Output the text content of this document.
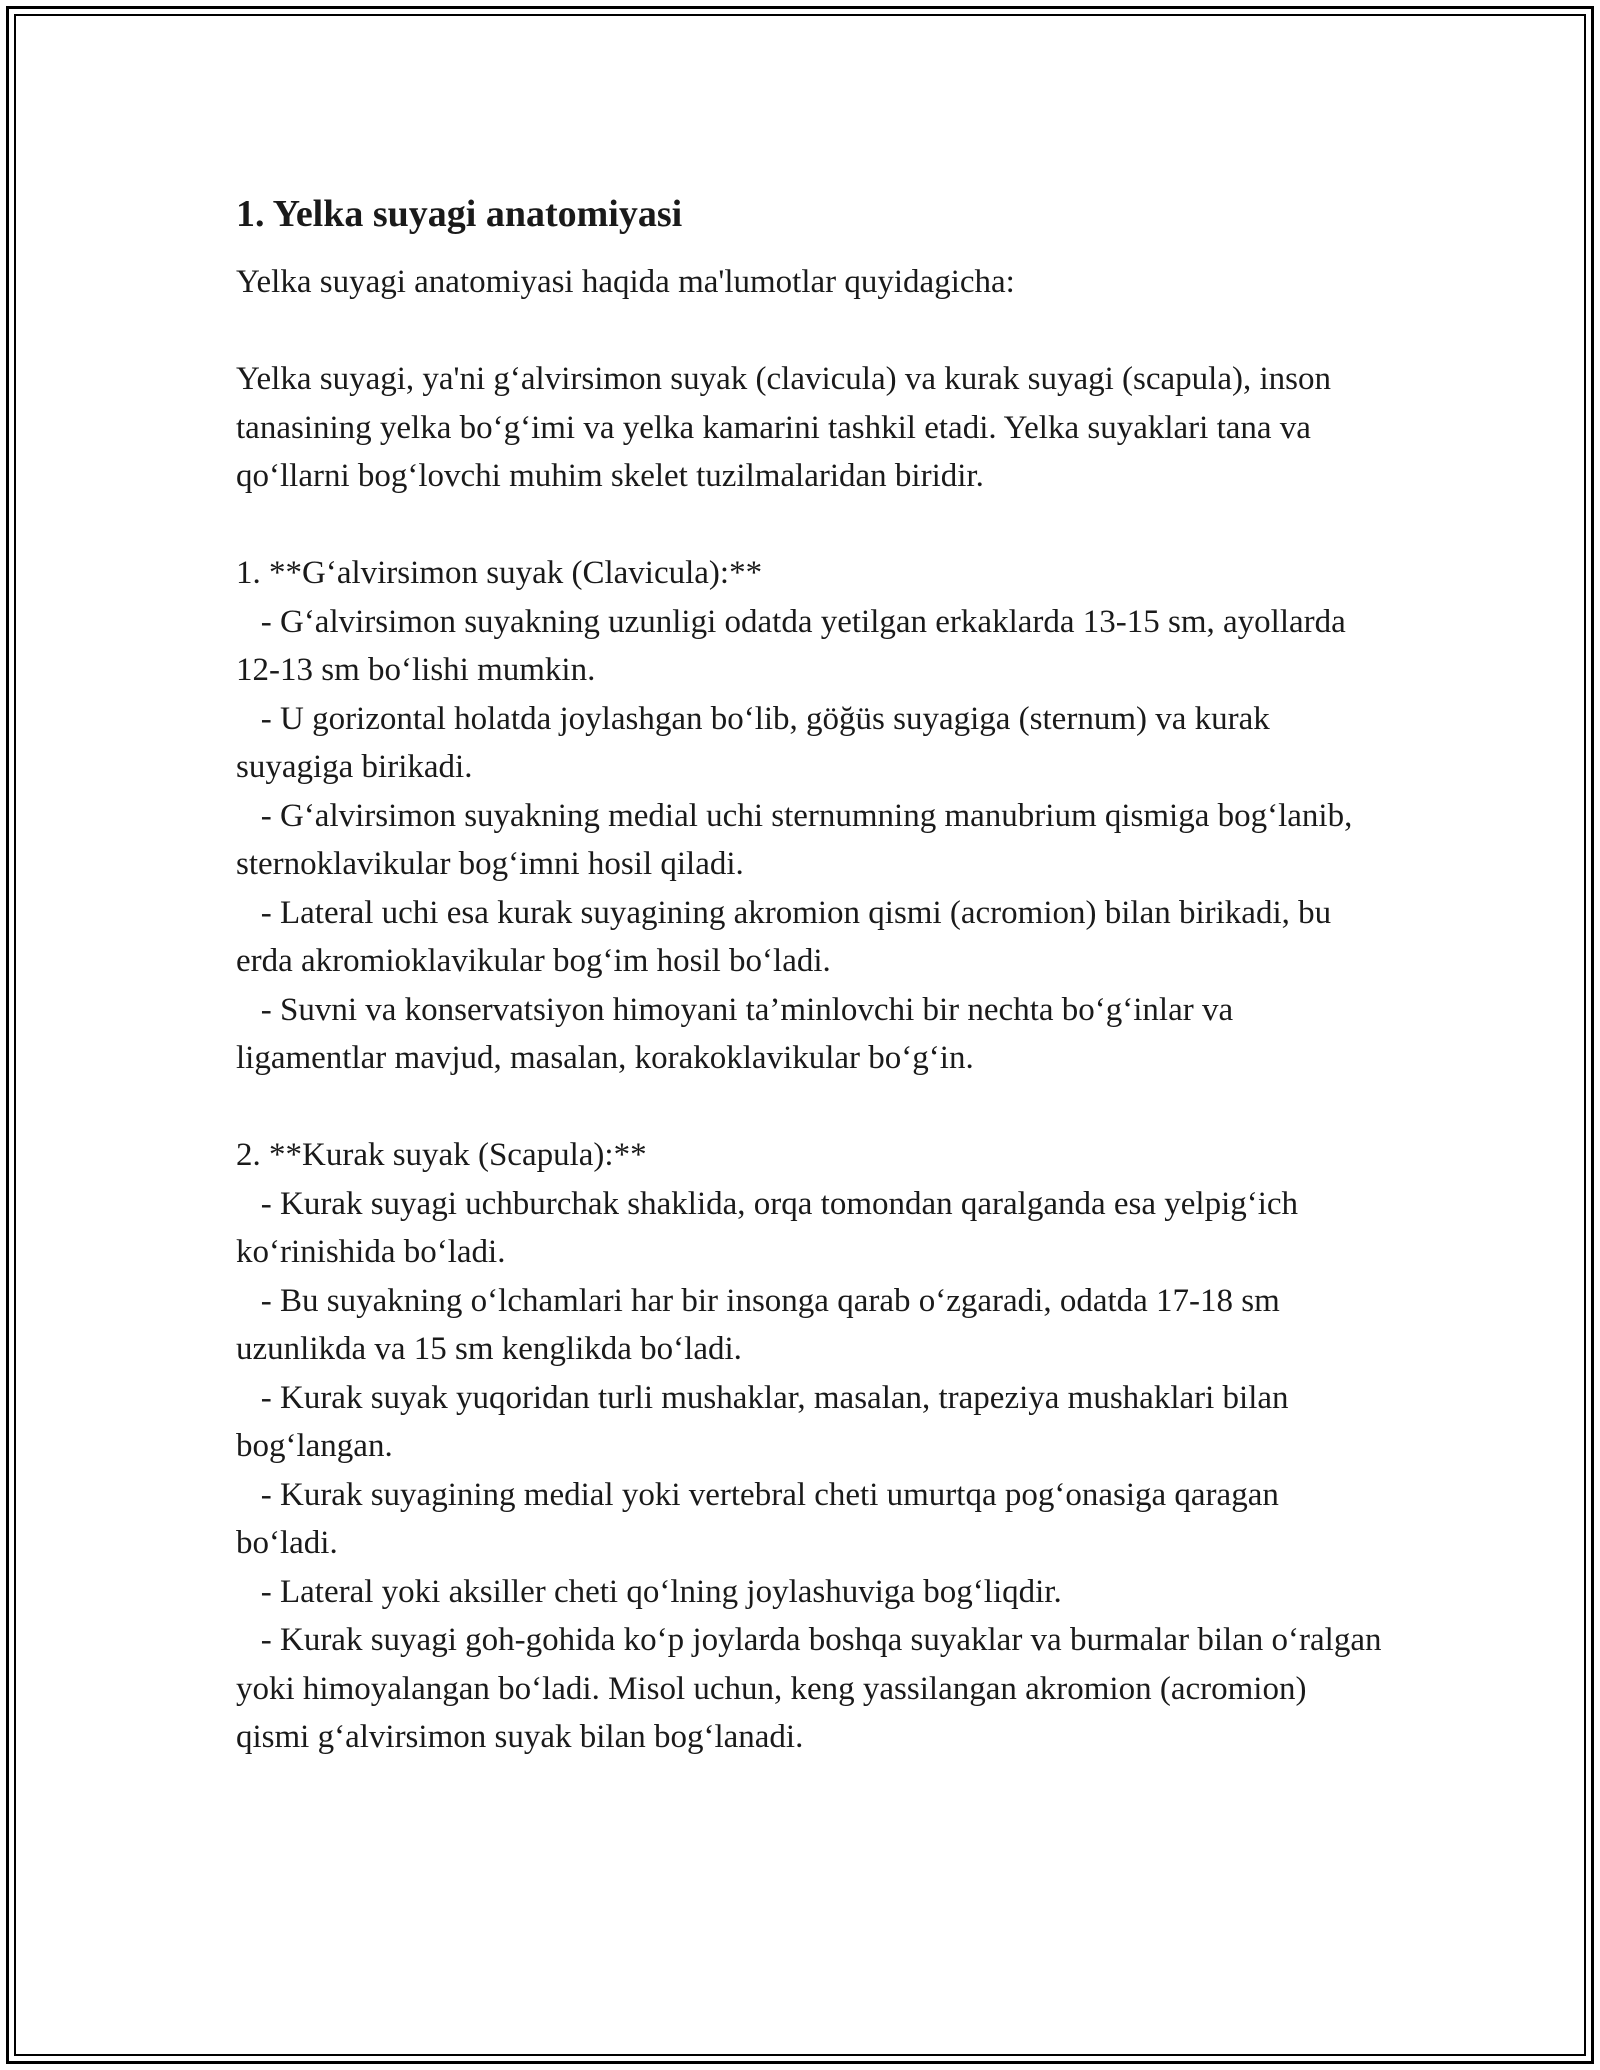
1. Yelka suyagi anatomiyasi

Yelka suyagi anatomiyasi haqida ma'lumotlar quyidagicha:

Yelka suyagi, ya'ni g‘alvirsimon suyak (clavicula) va kurak suyagi (scapula), inson tanasining yelka bo‘g‘imi va yelka kamarini tashkil etadi. Yelka suyaklari tana va qo‘llarni bog‘lovchi muhim skelet tuzilmalaridan biridir.

1. **G‘alvirsimon suyak (Clavicula):**

- G‘alvirsimon suyakning uzunligi odatda yetilgan erkaklarda 13-15 sm, ayollarda 12-13 sm bo‘lishi mumkin.

- U gorizontal holatda joylashgan bo‘lib, göğüs suyagiga (sternum) va kurak suyagiga birikadi.

- G‘alvirsimon suyakning medial uchi sternumning manubrium qismiga bog‘lanib, sternoklavikular bog‘imni hosil qiladi.

- Lateral uchi esa kurak suyagining akromion qismi (acromion) bilan birikadi, bu erda akromioklavikular bog‘im hosil bo‘ladi.

- Suvni va konservatsiyon himoyani ta’minlovchi bir nechta bo‘g‘inlar va ligamentlar mavjud, masalan, korakoklavikular bo‘g‘in.

2. **Kurak suyak (Scapula):**

- Kurak suyagi uchburchak shaklida, orqa tomondan qaralganda esa yelpig‘ich ko‘rinishida bo‘ladi.

- Bu suyakning o‘lchamlari har bir insonga qarab o‘zgaradi, odatda 17-18 sm uzunlikda va 15 sm kenglikda bo‘ladi.

- Kurak suyak yuqoridan turli mushaklar, masalan, trapeziya mushaklari bilan bog‘langan.

- Kurak suyagining medial yoki vertebral cheti umurtqa pog‘onasiga qaragan bo‘ladi.

- Lateral yoki aksiller cheti qo‘lning joylashuviga bog‘liqdir.

- Kurak suyagi goh-gohida ko‘p joylarda boshqa suyaklar va burmalar bilan o‘ralgan yoki himoyalangan bo‘ladi. Misol uchun, keng yassilangan akromion (acromion) qismi g‘alvirsimon suyak bilan bog‘lanadi.
